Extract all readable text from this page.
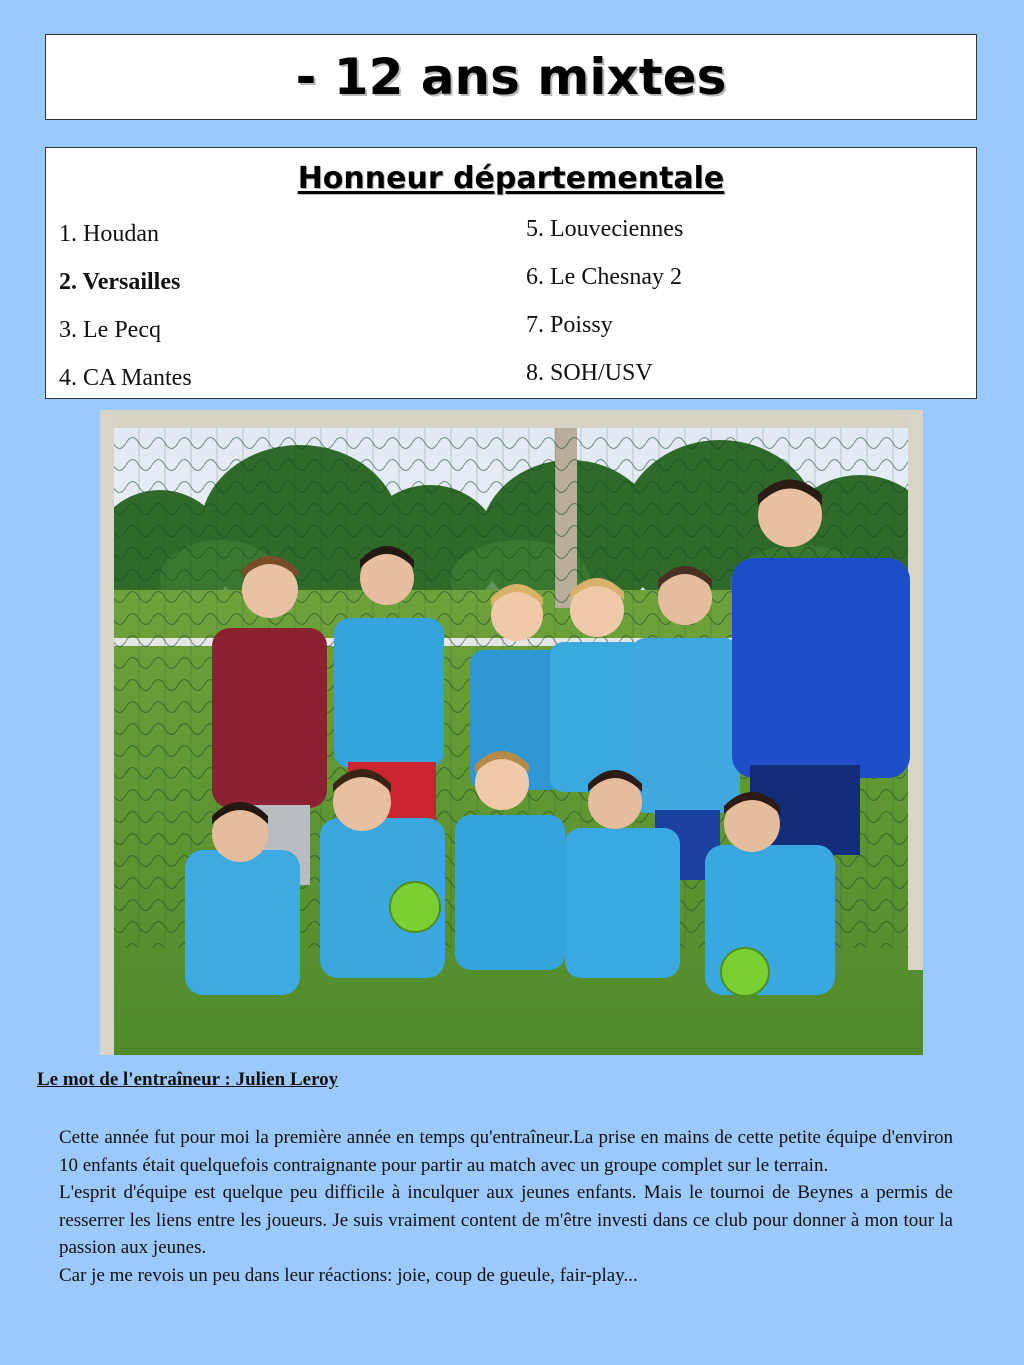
- 12 ans mixtes
Honneur départementale
1. Houdan
2. Versailles
3. Le Pecq
4. CA Mantes
5. Louveciennes
6. Le Chesnay 2
7. Poissy
8. SOH/USV
Le mot de l'entraîneur : Julien Leroy

Cette année fut pour moi la première année en temps qu'entraîneur.La prise en mains de cette petite équipe d'environ 10 enfants était quelquefois contraignante pour partir au match avec un groupe complet sur le terrain.

L'esprit d'équipe est quelque peu difficile à inculquer aux jeunes enfants. Mais le tournoi de Beynes a permis de resserrer les liens entre les joueurs. Je suis vraiment content de m'être investi dans ce club pour donner à mon tour la passion aux jeunes.

Car je me revois un peu dans leur réactions: joie, coup de gueule, fair-play...
